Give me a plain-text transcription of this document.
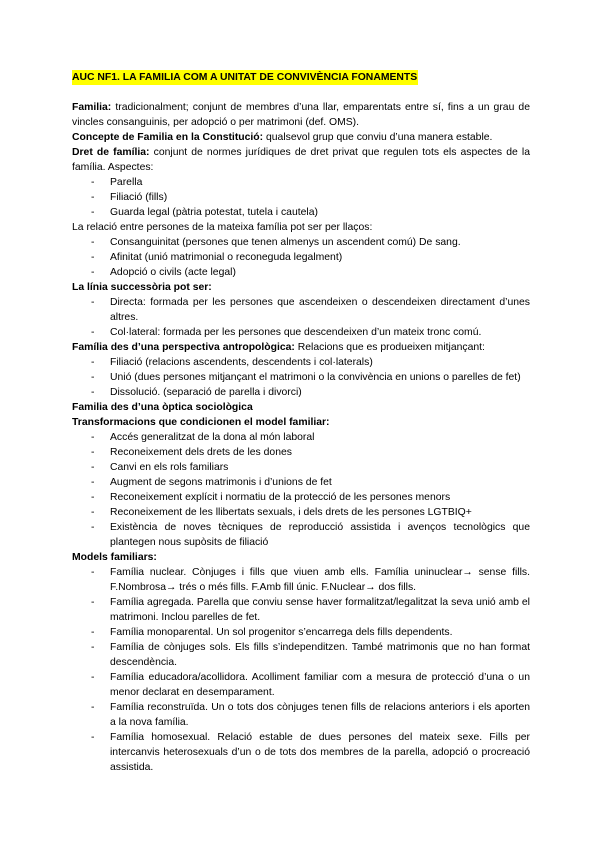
AUC NF1. LA FAMILIA COM A UNITAT DE CONVIVÈNCIA FONAMENTS

Familia: tradicionalment; conjunt de membres d’una llar, emparentats entre sí, fins a un grau de vincles consanguinis, per adopció o per matrimoni (def. OMS).

Concepte de Familia en la Constitució: qualsevol grup que conviu d’una manera estable.

Dret de família: conjunt de normes jurídiques de dret privat que regulen tots els aspectes de la família. Aspectes:

- Parella
- Filiació (fills)
- Guarda legal (pàtria potestat, tutela i cautela)

La relació entre persones de la mateixa família pot ser per llaços:

- Consanguinitat (persones que tenen almenys un ascendent comú) De sang.
- Afinitat (unió matrimonial o reconeguda legalment)
- Adopció o civils (acte legal)

La línia successòria pot ser:

- Directa: formada per les persones que ascendeixen o descendeixen directament d’unes altres.
- Col·lateral: formada per les persones que descendeixen d’un mateix tronc comú.

Família des d’una perspectiva antropològica: Relacions que es produeixen mitjançant:

- Filiació (relacions ascendents, descendents i col·laterals)
- Unió (dues persones mitjançant el matrimoni o la convivència en unions o parelles de fet)
- Dissolució. (separació de parella i divorci)

Familia des d’una òptica sociològica

Transformacions que condicionen el model familiar:

- Accés generalitzat de la dona al món laboral
- Reconeixement dels drets de les dones
- Canvi en els rols familiars
- Augment de segons matrimonis i d’unions de fet
- Reconeixement explícit i normatiu de la protecció de les persones menors
- Reconeixement de les llibertats sexuals, i dels drets de les persones LGTBIQ+
- Existència de noves tècniques de reproducció assistida i avenços tecnològics que plantegen nous supòsits de filiació

Models familiars:

- Família nuclear. Cònjuges i fills que viuen amb ells. Família uninuclear→ sense fills. F.Nombrosa→ trés o més fills. F.Amb fill únic. F.Nuclear→ dos fills.
- Família agregada. Parella que conviu sense haver formalitzat/legalitzat la seva unió amb el matrimoni. Inclou parelles de fet.
- Família monoparental. Un sol progenitor s’encarrega dels fills dependents.
- Família de cònjuges sols. Els fills s’independitzen. També matrimonis que no han format descendència.
- Família educadora/acollidora. Acolliment familiar com a mesura de protecció d’una o un menor declarat en desemparament.
- Família reconstruïda. Un o tots dos cònjuges tenen fills de relacions anteriors i els aporten a la nova família.
- Família homosexual. Relació estable de dues persones del mateix sexe. Fills per intercanvis heterosexuals d’un o de tots dos membres de la parella, adopció o procreació assistida.
